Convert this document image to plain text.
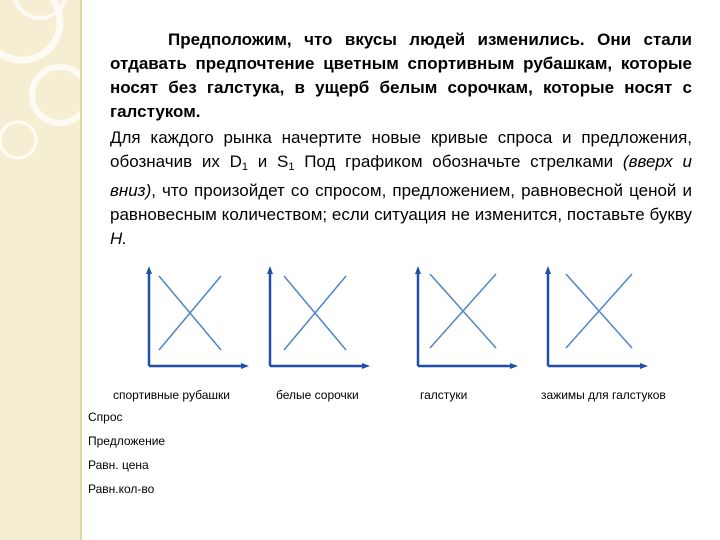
Предположим, что вкусы людей изменились. Они стали отдавать предпочтение цветным спортивным рубашкам, которые носят без галстука, в ущерб белым сорочкам, которые носят с галстуком.

Для каждого рынка начертите новые кривые спроса и предложения, обозначив их $D_1$ и $S_1$ Под графиком обозначьте стрелками (вверх и вниз), что произойдет со спросом, предложением, равновесной ценой и равновесным количеством; если ситуация не изменится, поставьте букву Н.

спортивные рубашки	белые сорочки	галстуки	зажимы для галстуков
Спрос
Предложение
Равн. цена
Равн.кол-во
